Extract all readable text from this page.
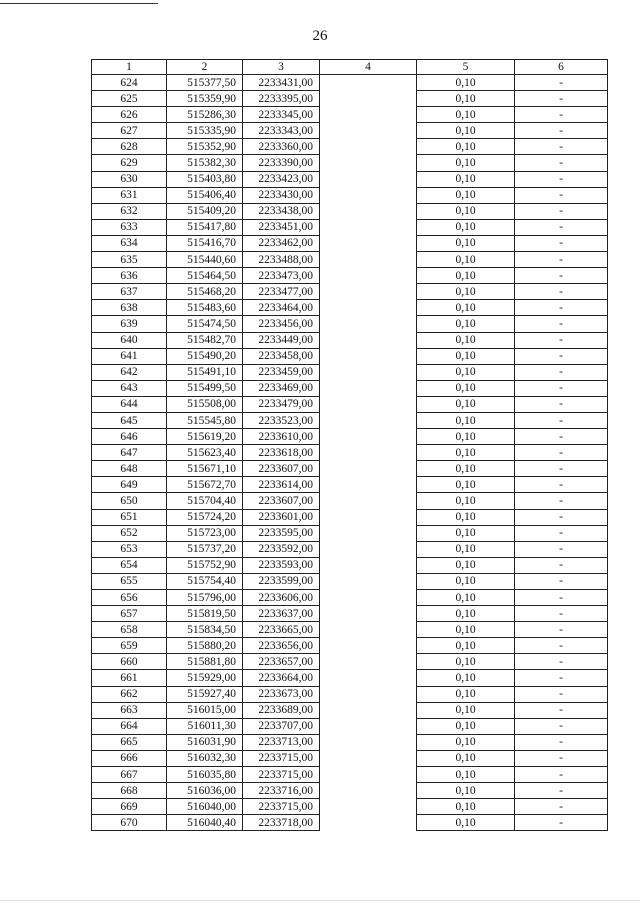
26
1	2	3	4	5	6
624	515377,50	2233431,00		0,10	-
625	515359,90	2233395,00		0,10	-
626	515286,30	2233345,00		0,10	-
627	515335,90	2233343,00		0,10	-
628	515352,90	2233360,00		0,10	-
629	515382,30	2233390,00		0,10	-
630	515403,80	2233423,00		0,10	-
631	515406,40	2233430,00		0,10	-
632	515409,20	2233438,00		0,10	-
633	515417,80	2233451,00		0,10	-
634	515416,70	2233462,00		0,10	-
635	515440,60	2233488,00		0,10	-
636	515464,50	2233473,00		0,10	-
637	515468,20	2233477,00		0,10	-
638	515483,60	2233464,00		0,10	-
639	515474,50	2233456,00		0,10	-
640	515482,70	2233449,00		0,10	-
641	515490,20	2233458,00		0,10	-
642	515491,10	2233459,00		0,10	-
643	515499,50	2233469,00		0,10	-
644	515508,00	2233479,00		0,10	-
645	515545,80	2233523,00		0,10	-
646	515619,20	2233610,00		0,10	-
647	515623,40	2233618,00		0,10	-
648	515671,10	2233607,00		0,10	-
649	515672,70	2233614,00		0,10	-
650	515704,40	2233607,00		0,10	-
651	515724,20	2233601,00		0,10	-
652	515723,00	2233595,00		0,10	-
653	515737,20	2233592,00		0,10	-
654	515752,90	2233593,00		0,10	-
655	515754,40	2233599,00		0,10	-
656	515796,00	2233606,00		0,10	-
657	515819,50	2233637,00		0,10	-
658	515834,50	2233665,00		0,10	-
659	515880,20	2233656,00		0,10	-
660	515881,80	2233657,00		0,10	-
661	515929,00	2233664,00		0,10	-
662	515927,40	2233673,00		0,10	-
663	516015,00	2233689,00		0,10	-
664	516011,30	2233707,00		0,10	-
665	516031,90	2233713,00		0,10	-
666	516032,30	2233715,00		0,10	-
667	516035,80	2233715,00		0,10	-
668	516036,00	2233716,00		0,10	-
669	516040,00	2233715,00		0,10	-
670	516040,40	2233718,00		0,10	-
